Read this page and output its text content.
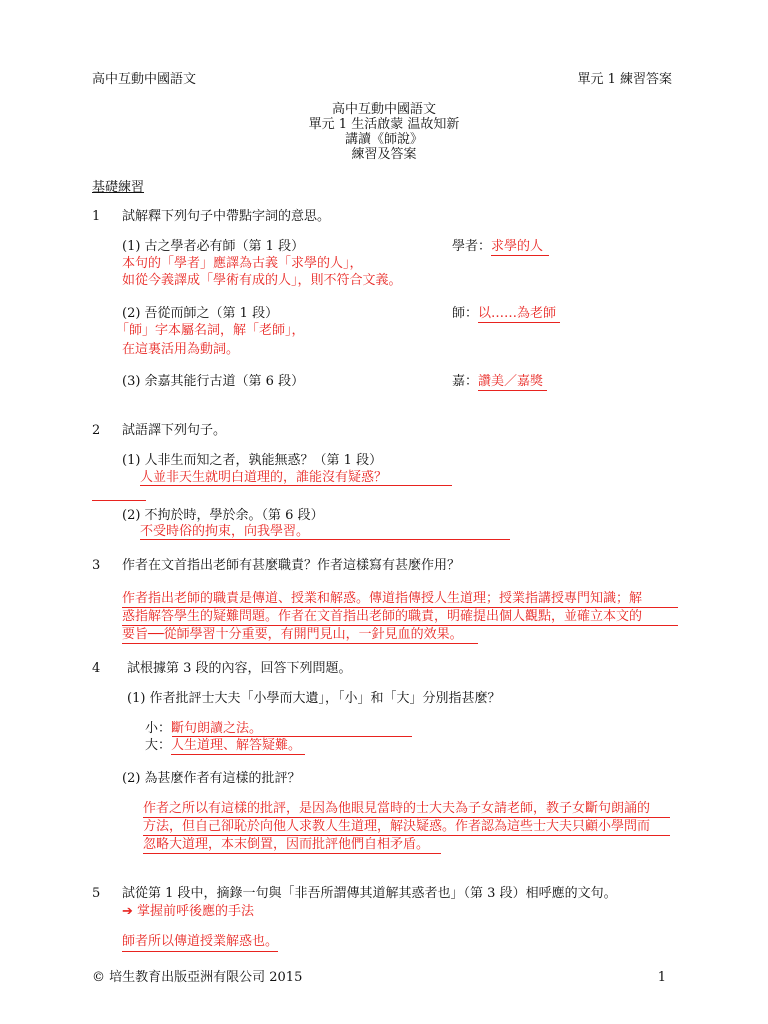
高中互動中國語文	單元 1 練習答案
高中互動中國語文
單元 1 生活啟蒙 温故知新
講讀《師說》
練習及答案
基礎練習
1 試解釋下列句子中帶點字詞的意思。
(1) 古之學者必有師（第 1 段）	學者：求學的人
本句的「學者」應譯為古義「求學的人」，
如從今義譯成「學術有成的人」，則不符合文義。
(2) 吾從而師之（第 1 段）	師：以……為老師
「師」字本屬名詞，解「老師」，
在這裏活用為動詞。
(3) 余嘉其能行古道（第 6 段）	嘉：讚美／嘉獎
2 試語譯下列句子。
(1) 人非生而知之者，孰能無惑？（第 1 段）
人並非天生就明白道理的，誰能沒有疑惑？
(2) 不拘於時，學於余。（第 6 段）
不受時俗的拘束，向我學習。
3 作者在文首指出老師有甚麼職責？作者這樣寫有甚麼作用？
作者指出老師的職責是傳道、授業和解惑。傳道指傳授人生道理；授業指講授專門知識；解
惑指解答學生的疑難問題。作者在文首指出老師的職責，明確提出個人觀點，並確立本文的
要旨──從師學習十分重要，有開門見山，一針見血的效果。
4 試根據第 3 段的內容，回答下列問題。
(1) 作者批評士大夫「小學而大遺」，「小」和「大」分別指甚麼？
小：斷句朗讀之法。
大：人生道理、解答疑難。
(2) 為甚麼作者有這樣的批評？
作者之所以有這樣的批評，是因為他眼見當時的士大夫為子女請老師，教子女斷句朗誦的
方法，但自己卻恥於向他人求教人生道理，解決疑惑。作者認為這些士大夫只顧小學問而
忽略大道理，本末倒置，因而批評他們自相矛盾。
5 試從第 1 段中，摘錄一句與「非吾所謂傳其道解其惑者也」（第 3 段）相呼應的文句。
➔ 掌握前呼後應的手法
師者所以傳道授業解惑也。
© 培生教育出版亞洲有限公司 2015	1
